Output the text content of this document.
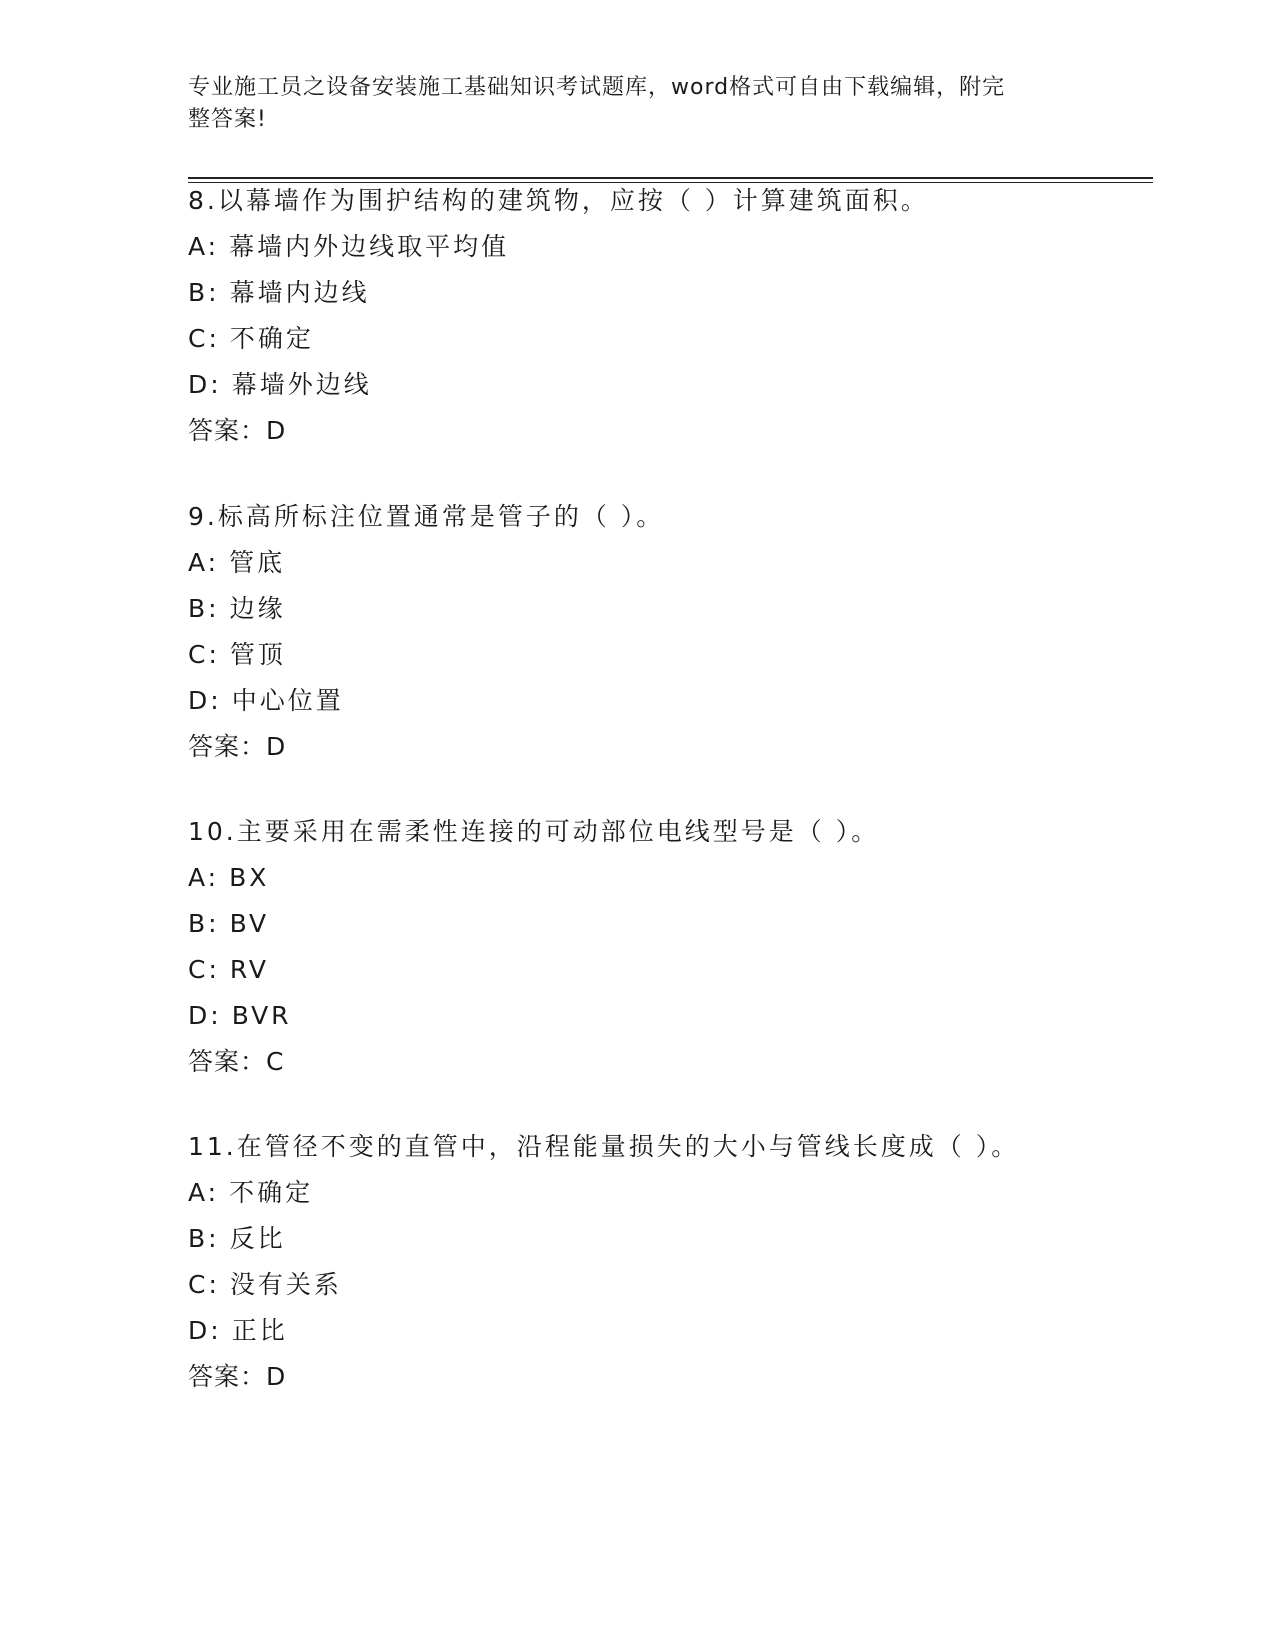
专业施工员之设备安装施工基础知识考试题库，word格式可自由下载编辑，附完
整答案!
8.以幕墙作为围护结构的建筑物，应按（ ）计算建筑面积。
A: 幕墙内外边线取平均值
B: 幕墙内边线
C: 不确定
D: 幕墙外边线
答案：D
9.标高所标注位置通常是管子的（ ）。
A: 管底
B: 边缘
C: 管顶
D: 中心位置
答案：D
10.主要采用在需柔性连接的可动部位电线型号是（ ）。
A: BX
B: BV
C: RV
D: BVR
答案：C
11.在管径不变的直管中，沿程能量损失的大小与管线长度成（ ）。
A: 不确定
B: 反比
C: 没有关系
D: 正比
答案：D
